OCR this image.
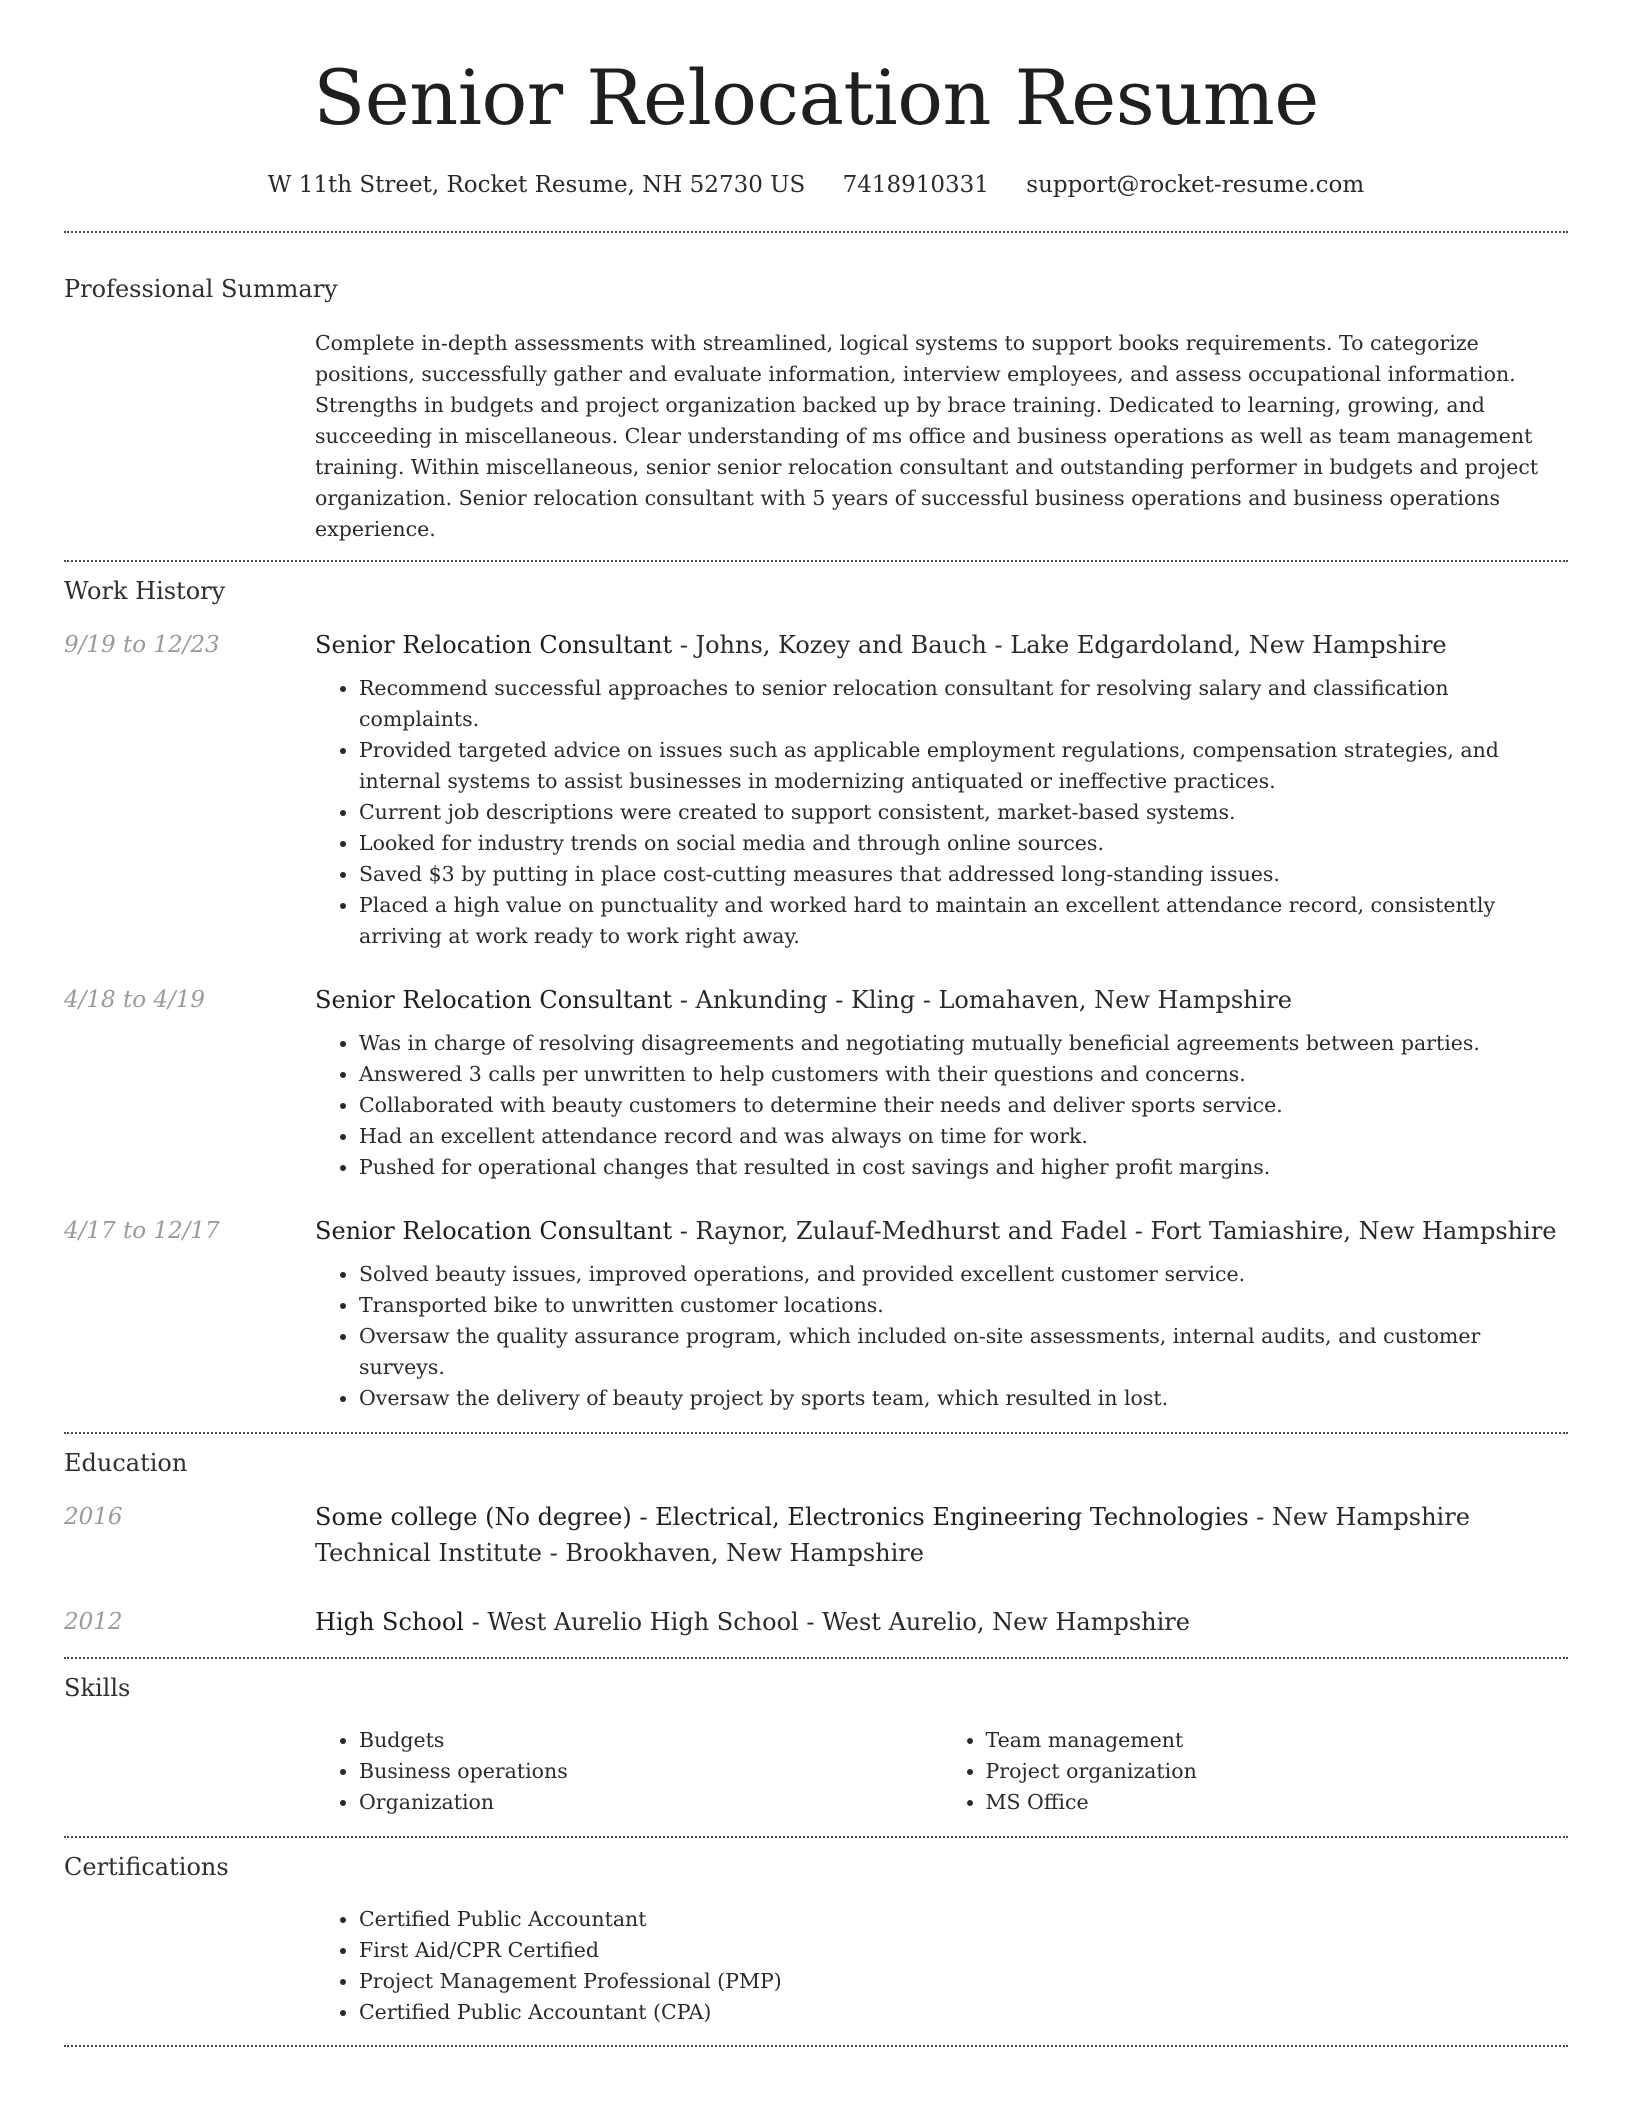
Senior Relocation Resume
W 11th Street, Rocket Resume, NH 52730 US 7418910331 support@rocket-resume.com
Professional Summary
Complete in-depth assessments with streamlined, logical systems to support books requirements. To categorize positions, successfully gather and evaluate information, interview employees, and assess occupational information. Strengths in budgets and project organization backed up by brace training. Dedicated to learning, growing, and succeeding in miscellaneous. Clear understanding of ms office and business operations as well as team management training. Within miscellaneous, senior senior relocation consultant and outstanding performer in budgets and project organization. Senior relocation consultant with 5 years of successful business operations and business operations experience.
Work History
9/19 to 12/23	Senior Relocation Consultant - Johns, Kozey and Bauch - Lake Edgardoland, New Hampshire
• Recommend successful approaches to senior relocation consultant for resolving salary and classification complaints.
• Provided targeted advice on issues such as applicable employment regulations, compensation strategies, and internal systems to assist businesses in modernizing antiquated or ineffective practices.
• Current job descriptions were created to support consistent, market-based systems.
• Looked for industry trends on social media and through online sources.
• Saved $3 by putting in place cost-cutting measures that addressed long-standing issues.
• Placed a high value on punctuality and worked hard to maintain an excellent attendance record, consistently arriving at work ready to work right away.
4/18 to 4/19	Senior Relocation Consultant - Ankunding - Kling - Lomahaven, New Hampshire
• Was in charge of resolving disagreements and negotiating mutually beneficial agreements between parties.
• Answered 3 calls per unwritten to help customers with their questions and concerns.
• Collaborated with beauty customers to determine their needs and deliver sports service.
• Had an excellent attendance record and was always on time for work.
• Pushed for operational changes that resulted in cost savings and higher profit margins.
4/17 to 12/17	Senior Relocation Consultant - Raynor, Zulauf-Medhurst and Fadel - Fort Tamiashire, New Hampshire
• Solved beauty issues, improved operations, and provided excellent customer service.
• Transported bike to unwritten customer locations.
• Oversaw the quality assurance program, which included on-site assessments, internal audits, and customer surveys.
• Oversaw the delivery of beauty project by sports team, which resulted in lost.
Education
2016	Some college (No degree) - Electrical, Electronics Engineering Technologies - New Hampshire Technical Institute - Brookhaven, New Hampshire
2012	High School - West Aurelio High School - West Aurelio, New Hampshire
Skills
• Budgets
• Business operations
• Organization
• Team management
• Project organization
• MS Office
Certifications
• Certified Public Accountant
• First Aid/CPR Certified
• Project Management Professional (PMP)
• Certified Public Accountant (CPA)
